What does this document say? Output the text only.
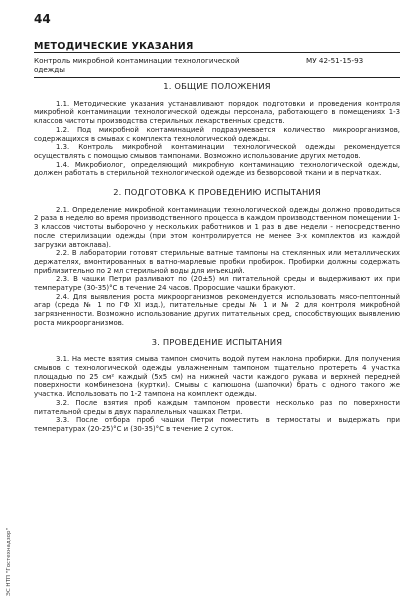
44
МЕТОДИЧЕСКИЕ УКАЗАНИЯ
Контроль микробной контаминации технологической одежды
МУ 42-51-15-93
1. ОБЩИЕ ПОЛОЖЕНИЯ

1.1. Методические указания устанавливают порядок подготовки и проведения контроля микробной контаминации технологической одежды персонала, работающего в помещениях 1-3 классов чистоты производства стерильных лекарственных средств.

1.2. Под микробной контаминацией подразумевается количество микроорганизмов, содержащихся в смывах с комплекта технологической одежды.

1.3. Контроль микробной контаминации технологической одежды рекомендуется осуществлять с помощью смывов тампонами. Возможно использование других методов.

1.4. Микробиолог, определяющий микробную контаминацию технологической одежды, должен работать в стерильной технологической одежде из безворсовой ткани и в перчатках.

2. ПОДГОТОВКА К ПРОВЕДЕНИЮ ИСПЫТАНИЯ

2.1. Определение микробной контаминации технологической одежды должно проводиться 2 раза в неделю во время производственного процесса в каждом производственном помещении 1-3 классов чистоты выборочно у нескольких работников и 1 раз в две недели - непосредственно после стерилизации одежды (при этом контролируется не менее 3-х комплектов из каждой загрузки автоклава).

2.2. В лаборатории готовят стерильные ватные тампоны на стеклянных или металлических держателях, вмонтированных в ватно-марлевые пробки пробирок. Пробирки должны содержать приблизительно по 2 мл стерильной воды для инъекций.

2.3. В чашки Петри разливают по (20±5) мл питательной среды и выдерживают их при температуре (30-35)°С в течение 24 часов. Проросшие чашки бракуют.

2.4. Для выявления роста микроорганизмов рекомендуется использовать мясо-пептонный агар (среда № 1 по ГФ XI изд.), питательные среды № 1 и № 2 для контроля микробной загрязненности. Возможно использование других питательных сред, способствующих выявлению роста микроорганизмов.

3. ПРОВЕДЕНИЕ ИСПЫТАНИЯ

3.1. На месте взятия смыва тампон смочить водой путем наклона пробирки. Для получения смывов с технологической одежды увлажненным тампоном тщательно протереть 4 участка площадью по 25 см² каждый (5х5 см) на нижней части каждого рукава и верхней передней поверхности комбинезона (куртки). Смывы с капюшона (шапочки) брать с одного такого же участка. Использовать по 1-2 тампона на комплект одежды.

3.2. После взятия проб каждым тампоном провести несколько раз по поверхности питательной среды в двух параллельных чашках Петри.

3.3. После отбора проб чашки Петри поместить в термостаты и выдержать при температурах (20-25)°С и (30-35)°С в течение 2 суток.

ЭС НТП "Гостехнадзор"
